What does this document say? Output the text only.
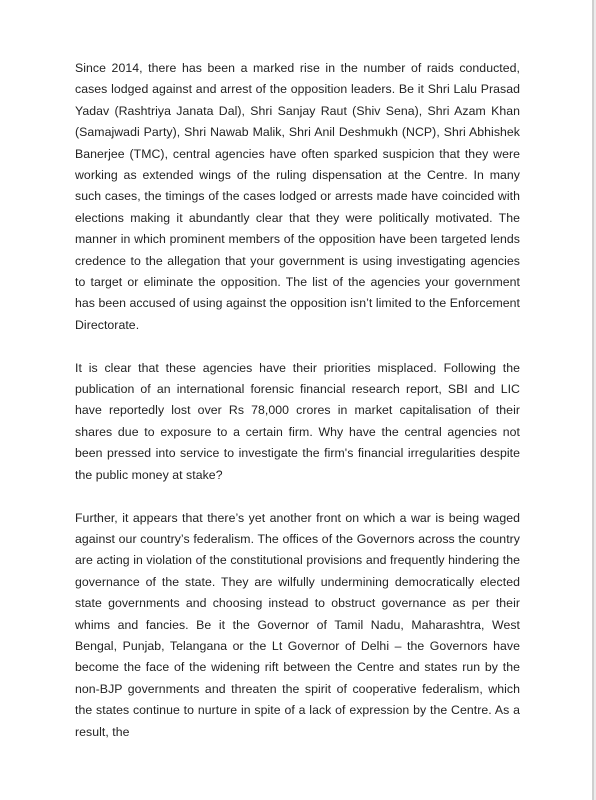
Since 2014, there has been a marked rise in the number of raids conducted, cases lodged against and arrest of the opposition leaders. Be it Shri Lalu Prasad Yadav (Rashtriya Janata Dal), Shri Sanjay Raut (Shiv Sena), Shri Azam Khan (Samajwadi Party), Shri Nawab Malik, Shri Anil Deshmukh (NCP), Shri Abhishek Banerjee (TMC), central agencies have often sparked suspicion that they were working as extended wings of the ruling dispensation at the Centre. In many such cases, the timings of the cases lodged or arrests made have coincided with elections making it abundantly clear that they were politically motivated. The manner in which prominent members of the opposition have been targeted lends credence to the allegation that your government is using investigating agencies to target or eliminate the opposition. The list of the agencies your government has been accused of using against the opposition isn’t limited to the Enforcement Directorate.

It is clear that these agencies have their priorities misplaced. Following the publication of an international forensic financial research report, SBI and LIC have reportedly lost over Rs 78,000 crores in market capitalisation of their shares due to exposure to a certain firm. Why have the central agencies not been pressed into service to investigate the firm's financial irregularities despite the public money at stake?

Further, it appears that there’s yet another front on which a war is being waged against our country’s federalism. The offices of the Governors across the country are acting in violation of the constitutional provisions and frequently hindering the governance of the state. They are wilfully undermining democratically elected state governments and choosing instead to obstruct governance as per their whims and fancies. Be it the Governor of Tamil Nadu, Maharashtra, West Bengal, Punjab, Telangana or the Lt Governor of Delhi – the Governors have become the face of the widening rift between the Centre and states run by the non-BJP governments and threaten the spirit of cooperative federalism, which the states continue to nurture in spite of a lack of expression by the Centre. As a result, the
